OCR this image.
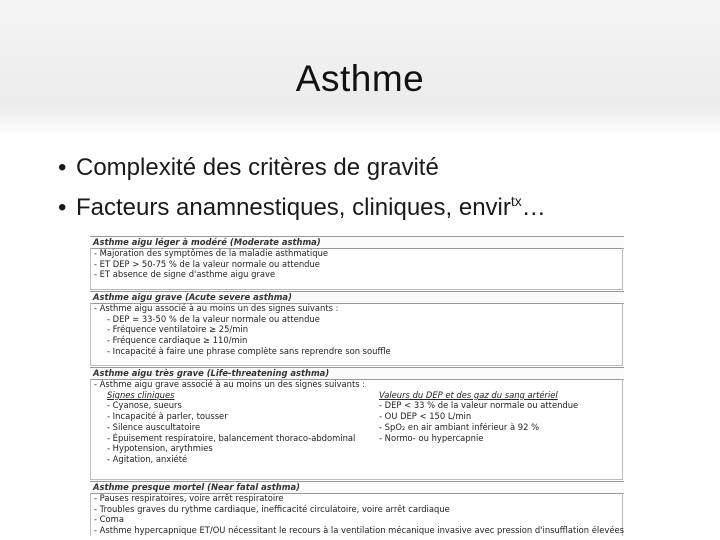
Asthme
• Complexité des critères de gravité
• Facteurs anamnestiques, cliniques, envir$^{tx}$…
Asthme aigu léger à modéré (Moderate asthma)
- Majoration des symptômes de la maladie asthmatique
- ET DEP > 50-75 % de la valeur normale ou attendue
- ET absence de signe d'asthme aigu grave
Asthme aigu grave (Acute severe asthma)
- Asthme aigu associé à au moins un des signes suivants :
- DEP = 33-50 % de la valeur normale ou attendue
- Fréquence ventilatoire ≥ 25/min
- Fréquence cardiaque ≥ 110/min
- Incapacité à faire une phrase complète sans reprendre son souffle
Asthme aigu très grave (Life-threatening asthma)
- Asthme aigu grave associé à au moins un des signes suivants :
Signes cliniques
- Cyanose, sueurs
- Incapacité à parler, tousser
- Silence auscultatoire
- Épuisement respiratoire, balancement thoraco-abdominal
- Hypotension, arythmies
- Agitation, anxiété
Valeurs du DEP et des gaz du sang artériel
- DEP < 33 % de la valeur normale ou attendue
- OU DEP < 150 L/min
- SpO₂ en air ambiant inférieur à 92 %
- Normo- ou hypercapnie
Asthme presque mortel (Near fatal asthma)
- Pauses respiratoires, voire arrêt respiratoire
- Troubles graves du rythme cardiaque, inefficacité circulatoire, voire arrêt cardiaque
- Coma
- Asthme hypercapnique ET/OU nécessitant le recours à la ventilation mécanique invasive avec pression d'insufflation élevées
